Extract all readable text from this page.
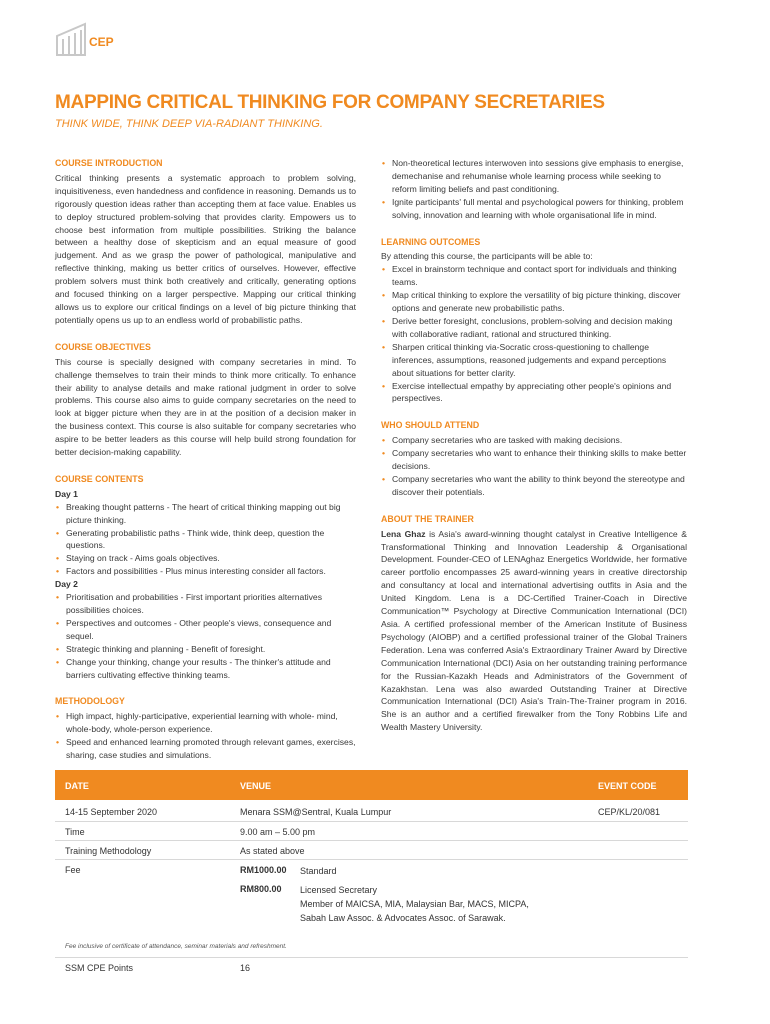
CEP
MAPPING CRITICAL THINKING FOR COMPANY SECRETARIES
THINK WIDE, THINK DEEP VIA-RADIANT THINKING.
COURSE INTRODUCTION
Critical thinking presents a systematic approach to problem solving, inquisitiveness, even handedness and confidence in reasoning. Demands us to rigorously question ideas rather than accepting them at face value. Enables us to deploy structured problem-solving that provides clarity. Empowers us to choose best information from multiple possibilities. Striking the balance between a healthy dose of skepticism and an equal measure of good judgement. And as we grasp the power of pathological, manipulative and reflective thinking, making us better critics of ourselves. However, effective problem solvers must think both creatively and critically, generating options and focused thinking on a larger perspective. Mapping our critical thinking allows us to explore our critical findings on a level of big picture thinking that potentially opens us up to an endless world of probabilistic paths.
COURSE OBJECTIVES
This course is specially designed with company secretaries in mind. To challenge themselves to train their minds to think more critically. To enhance their ability to analyse details and make rational judgment in order to solve problems. This course also aims to guide company secretaries on the need to look at bigger picture when they are in at the position of a decision maker in the business context. This course is also suitable for company secretaries who aspire to be better leaders as this course will help build strong foundation for better decision-making capability.
COURSE CONTENTS
Day 1
• Breaking thought patterns - The heart of critical thinking mapping out big picture thinking.
• Generating probabilistic paths - Think wide, think deep, question the questions.
• Staying on track - Aims goals objectives.
• Factors and possibilities - Plus minus interesting consider all factors.
Day 2
• Prioritisation and probabilities - First important priorities alternatives possibilities choices.
• Perspectives and outcomes - Other people's views, consequence and sequel.
• Strategic thinking and planning - Benefit of foresight.
• Change your thinking, change your results - The thinker's attitude and barriers cultivating effective thinking teams.
METHODOLOGY
• High impact, highly-participative, experiential learning with whole- mind, whole-body, whole-person experience.
• Speed and enhanced learning promoted through relevant games, exercises, sharing, case studies and simulations.
• Non-theoretical lectures interwoven into sessions give emphasis to energise, demechanise and rehumanise whole learning process while seeking to reform limiting beliefs and past conditioning.
• Ignite participants' full mental and psychological powers for thinking, problem solving, innovation and learning with whole organisational life in mind.
LEARNING OUTCOMES
By attending this course, the participants will be able to:
• Excel in brainstorm technique and contact sport for individuals and thinking teams.
• Map critical thinking to explore the versatility of big picture thinking, discover options and generate new probabilistic paths.
• Derive better foresight, conclusions, problem-solving and decision making with collaborative radiant, rational and structured thinking.
• Sharpen critical thinking via-Socratic cross-questioning to challenge inferences, assumptions, reasoned judgements and expand perceptions about situations for better clarity.
• Exercise intellectual empathy by appreciating other people's opinions and perspectives.
WHO SHOULD ATTEND
• Company secretaries who are tasked with making decisions.
• Company secretaries who want to enhance their thinking skills to make better decisions.
• Company secretaries who want the ability to think beyond the stereotype and discover their potentials.
ABOUT THE TRAINER
Lena Ghaz is Asia's award-winning thought catalyst in Creative Intelligence & Transformational Thinking and Innovation Leadership & Organisational Development. Founder-CEO of LENAghaz Energetics Worldwide, her formative career portfolio encompasses 25 award-winning years in creative directorship and consultancy at local and international advertising outfits in Asia and the United Kingdom. Lena is a DC-Certified Trainer-Coach in Directive Communication™ Psychology at Directive Communication International (DCI) Asia. A certified professional member of the American Institute of Business Psychology (AIOBP) and a certified professional trainer of the Global Trainers Federation. Lena was conferred Asia's Extraordinary Trainer Award by Directive Communication International (DCI) Asia on her outstanding training performance for the Russian-Kazakh Heads and Administrators of the Government of Kazakhstan. Lena was also awarded Outstanding Trainer at Directive Communication International (DCI) Asia's Train-The-Trainer program in 2016. She is an author and a certified firewalker from the Tony Robbins Life and Wealth Mastery University.
DATE	VENUE	EVENT CODE
14-15 September 2020	Menara SSM@Sentral, Kuala Lumpur	CEP/KL/20/081
Time	9.00 am – 5.00 pm
Training Methodology	As stated above
Fee	RM1000.00 Standard
RM800.00 Licensed Secretary
Member of MAICSA, MIA, Malaysian Bar, MACS, MICPA,
Sabah Law Assoc. & Advocates Assoc. of Sarawak.
SSM CPE Points	16
Fee inclusive of certificate of attendance, seminar materials and refreshment.
